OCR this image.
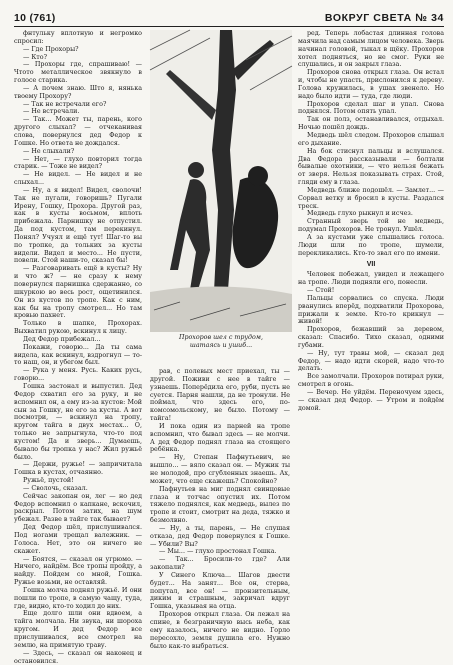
10 (761)	ВОКРУГ СВЕТА № 34

фнтульку вплотную и негромко спросил:

— Где Прохоры?

— Кто?

— Прохоры где, спрашиваю! — Чтото металлическое звякнуло в голосе старика.

— А почем знаю. Што я, нянька твоему Прохору?

— Так не встречали его?

— Не встречали.

— Так... Может ты, парень, кого другого слыхал? — отчеканивая слова, повернулся дед Федор к Гошке. Но ответа не дождался.

— Не слыхали?

— Нет, — глухо повторил тогда старик. — Тоже не видел?

— Не видел. — Не видел и не слыхал...

— Ну, а я видел! Видел, сволочи! Так не пугали, говоришь? Пугали Ирену, Гошку, Прохора. Другой раз, как в кусты восьмом, вплоть прибежала. Парнишку не отпустил. Да под кустом, там перекинул. Понял? Учуял и ещё тут! Шаг-то вы по тропке, да тольких за кусты видели. Видел и место... Не пусти, повели. Стой наши-то, сказал бы!

— Разговаривать ещё в кусты? Ну и что ж? — не сразу к нему повернулся парнишка сдержанно, со шкуркою во весь рост, ощетинился. Он из кустов по тропе. Как с ним, как бы на тропу смотрел... Но там кровью пахнет.

Только в шапке, Прохорах. Выхватил рукою, вскинул к лицу.

Дед Федор прибежал...

Покажи, говорю... Да ты сама видела, как вскинул, вздрогнул — то-то наш, он, и убегом был.

— Рука у меня. Русь. Каких русь, говорю...

Гошка застонал и выпустил. Дед Федор схватил его за руку, и не вспомнил он, а ему из-за кустов: Мой сын за Гошку, не его за кусты. А вот посмотри, — вскинул на тропу, кругом тайга в двух местах... О, только не запрыгнула, что-то под кустом! Да и зверь... Думаешь, бывало бы тропка у нас? Жил ружьё было.

— Держи, ружье! — запричитала Гошка в кустах, отчаянно.

Ружьё, пустой!

— Сволочь, сказал.

Сейчас закопан он, лег — но дед Федор вспомнил о капкане, вскочил, раскрыл. Потом затих, на шум убежал. Разве в тайге так бывает?

Дед Федор шёл, прислушивался. Под ногами трещал валежник. — Голоса. Нет, это он ничего не скажет.

— Боятся, — сказал он угрюмо. — Ничего, найдём. Все тропы пройду, а найду. Пойдем со мной, Гошка. Ружье возьми, не оставляй.

Гошка молча поднял ружьё. И они пошли по тропе, в самую чащу, туда, где, видно, кто-то ходил до них.

Еще долго шли они вдвоем, а тайга молчала. Ни звука, ни шороха кругом. И дед Федор все прислушивался, все смотрел на землю, на примятую траву.

— Здесь, — сказал он наконец и остановился.

Прохоров шел с трудом,
шатаясь и ушиб...

рав, с полевых мест приехал, ты — другой. Поживи с нее в тайге — узнаешь. Поперёдила его, руби, пусть не суется. Парня нашли, да не тронули. Не поймал, что здесь его, по-комсомольскому, не было. Потому — тайга!

И пока один из парней на тропе вспомнил, что бывал здесь — не молчи. А дед Федор поднял глаза на стоящего ребёнка.

— Ну, Степан Пафнутьевич, не вышло... — вяло сказал он. — Мужик ты не молодой, про сгубленных знаешь. Ах, может, что еще скажешь? Спокойно?

Пафнутьев на миг поднял свинцовые глаза и тотчас опустил их. Потом тяжело поднялся, как медведь, вылез по тропе и стоит, смотрит на деда, тяжко и безмолвно.

— Ну, а ты, парень, — Не слушая отказа, дед Федор повернулся к Гошке. — Убили? Вы?

— Мы... — глухо простонал Гошка.

— Так... Бросили-то где? Али закопали?

У Синего Ключа... Шагов двести будет... На занят... Все он, стерва, попутал, все он! — пронзительным, диким и страшным, закричал вдруг Гошка, указывая на отца.

Прохоров открыл глаза. Он лежал на спине, в безграничную высь неба, как ему казалось, ничего не видно. Горло пересохло, земля душила его. Нужно было как-то выбраться.

ред. Теперь лобастая длинная голова маячила над самым лицом человека. Зверь начинал головой, тыкал в щёку. Прохоров хотел подняться, но не смог. Руки не слушались, и он закрыл глаза.

Прохоров снова открыл глаза. Он встал и, чтобы не упасть, прислонился к дереву. Голова кружилась, в ушах звенело. Но надо было идти — туда, где люди.

Прохоров сделал шаг и упал. Снова поднялся. Потом опять упал.

Так он полз, останавливался, отдыхал. Ночью пошёл дождь.

Медведь шёл следом. Прохоров слышал его дыхание.

На бок стиснул пальцы и вслушался. Два Федора рассказывали — болтали бывалые охотники, — что нельзя бежать от зверя. Нельзя показывать страх. Стой, гляди ему в глаза.

Медведь ближе подошёл. — Замлет... — Сорвал ветку и бросил в кусты. Раздался треск.

Медведь глухо рыкнул и исчез.

Странный зверь той не медведь, подумал Прохоров. Не тронул. Ушёл.

А за кустами уже слышались голоса. Люди шли по тропе, шумели, перекликались. Кто-то звал его по имени.

VII

Человек побежал, увидел и лежащего на тропе. Люди подняли его, понесли.

— Стой!

Пальцы сорвались со спуска. Люди рванулись вперёд, подхватили Прохорова, прижали к земле. Кто-то крикнул — живой!

Прохоров, бежавший за деревом, сказал: Спасибо. Тихо сказал, одними губами.

— Ну, тут травы мой, — сказал дед Федор, — надо идти скорей, надо что-то делать.

Все замолчали. Прохоров потирал руки, смотрел в огонь.

— Вечер. Не уйдём. Переночуем здесь, — сказал дед Федор. — Утром и пойдём домой.
